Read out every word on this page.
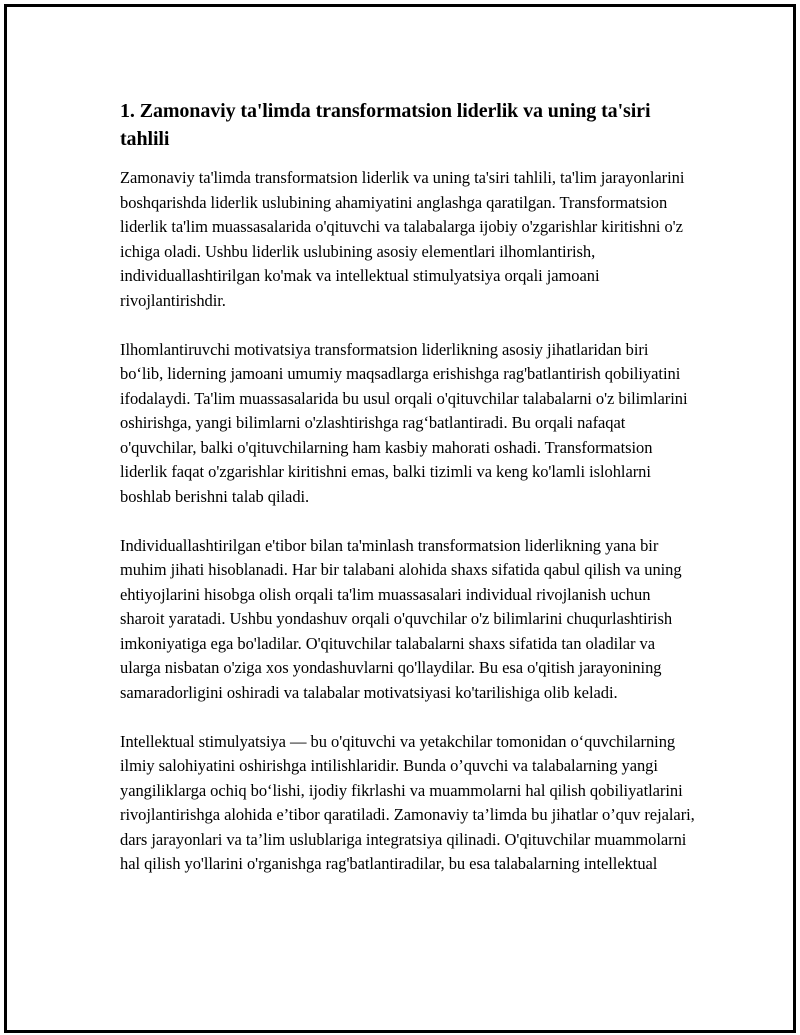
1. Zamonaviy ta'limda transformatsion liderlik va uning ta'siri tahlili

Zamonaviy ta'limda transformatsion liderlik va uning ta'siri tahlili, ta'lim jarayonlarini boshqarishda liderlik uslubining ahamiyatini anglashga qaratilgan. Transformatsion liderlik ta'lim muassasalarida o'qituvchi va talabalarga ijobiy o'zgarishlar kiritishni o'z ichiga oladi. Ushbu liderlik uslubining asosiy elementlari ilhomlantirish, individuallashtirilgan ko'mak va intellektual stimulyatsiya orqali jamoani rivojlantirishdir.

Ilhomlantiruvchi motivatsiya transformatsion liderlikning asosiy jihatlaridan biri bo‘lib, liderning jamoani umumiy maqsadlarga erishishga rag'batlantirish qobiliyatini ifodalaydi. Ta'lim muassasalarida bu usul orqali o'qituvchilar talabalarni o'z bilimlarini oshirishga, yangi bilimlarni o'zlashtirishga rag‘batlantiradi. Bu orqali nafaqat o'quvchilar, balki o'qituvchilarning ham kasbiy mahorati oshadi. Transformatsion liderlik faqat o'zgarishlar kiritishni emas, balki tizimli va keng ko'lamli islohlarni boshlab berishni talab qiladi.

Individuallashtirilgan e'tibor bilan ta'minlash transformatsion liderlikning yana bir muhim jihati hisoblanadi. Har bir talabani alohida shaxs sifatida qabul qilish va uning ehtiyojlarini hisobga olish orqali ta'lim muassasalari individual rivojlanish uchun sharoit yaratadi. Ushbu yondashuv orqali o'quvchilar o'z bilimlarini chuqurlashtirish imkoniyatiga ega bo'ladilar. O'qituvchilar talabalarni shaxs sifatida tan oladilar va ularga nisbatan o'ziga xos yondashuvlarni qo'llaydilar. Bu esa o'qitish jarayonining samaradorligini oshiradi va talabalar motivatsiyasi ko'tarilishiga olib keladi.

Intellektual stimulyatsiya — bu o'qituvchi va yetakchilar tomonidan o‘quvchilarning ilmiy salohiyatini oshirishga intilishlaridir. Bunda o’quvchi va talabalarning yangi yangiliklarga ochiq bo‘lishi, ijodiy fikrlashi va muammolarni hal qilish qobiliyatlarini rivojlantirishga alohida e’tibor qaratiladi. Zamonaviy ta’limda bu jihatlar o’quv rejalari, dars jarayonlari va ta’lim uslublariga integratsiya qilinadi. O'qituvchilar muammolarni hal qilish yo'llarini o'rganishga rag'batlantiradilar, bu esa talabalarning intellektual
